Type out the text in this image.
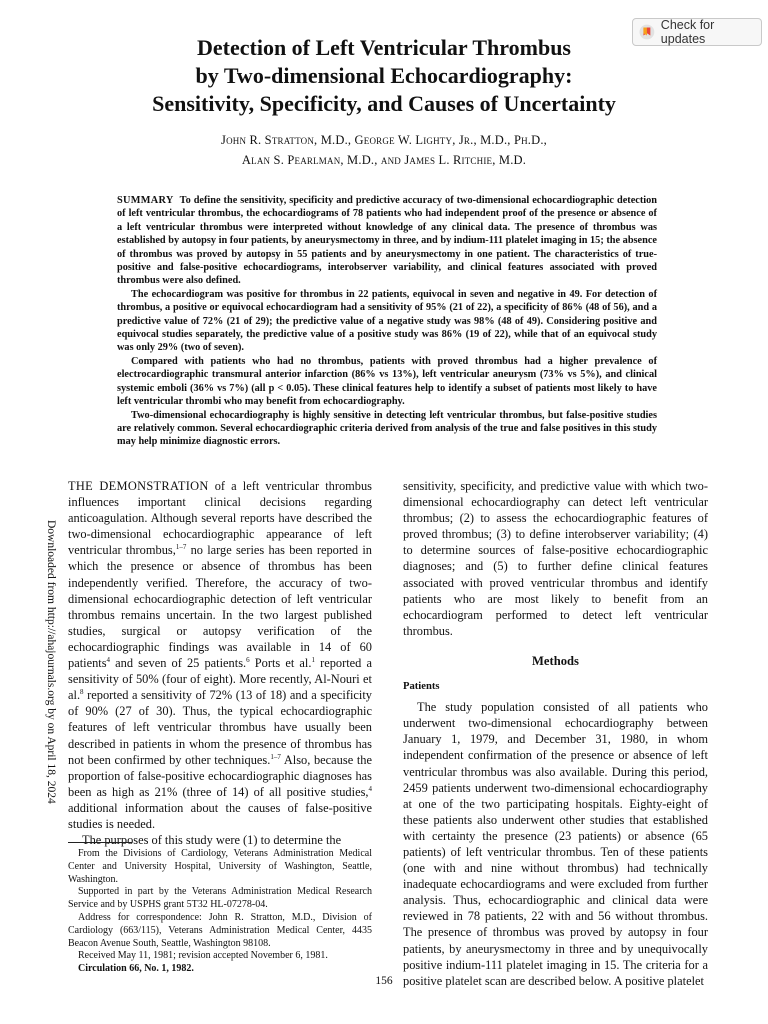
Check for updates
Detection of Left Ventricular Thrombus
by Two-dimensional Echocardiography:
Sensitivity, Specificity, and Causes of Uncertainty
John R. Stratton, M.D., George W. Lighty, Jr., M.D., Ph.D.,
Alan S. Pearlman, M.D., and James L. Ritchie, M.D.

SUMMARY To define the sensitivity, specificity and predictive accuracy of two-dimensional echocardiographic detection of left ventricular thrombus, the echocardiograms of 78 patients who had independent proof of the presence or absence of a left ventricular thrombus were interpreted without knowledge of any clinical data. The presence of thrombus was established by autopsy in four patients, by aneurysmectomy in three, and by indium-111 platelet imaging in 15; the absence of thrombus was proved by autopsy in 55 patients and by aneurysmectomy in one patient. The characteristics of true-positive and false-positive echocardiograms, interobserver variability, and clinical features associated with proved thrombus were also defined.

The echocardiogram was positive for thrombus in 22 patients, equivocal in seven and negative in 49. For detection of thrombus, a positive or equivocal echocardiogram had a sensitivity of 95% (21 of 22), a specificity of 86% (48 of 56), and a predictive value of 72% (21 of 29); the predictive value of a negative study was 98% (48 of 49). Considering positive and equivocal studies separately, the predictive value of a positive study was 86% (19 of 22), while that of an equivocal study was only 29% (two of seven).

Compared with patients who had no thrombus, patients with proved thrombus had a higher prevalence of electrocardiographic transmural anterior infarction (86% vs 13%), left ventricular aneurysm (73% vs 5%), and clinical systemic emboli (36% vs 7%) (all p < 0.05). These clinical features help to identify a subset of patients most likely to have left ventricular thrombi who may benefit from echocardiography.

Two-dimensional echocardiography is highly sensitive in detecting left ventricular thrombus, but false-positive studies are relatively common. Several echocardiographic criteria derived from analysis of the true and false positives in this study may help minimize diagnostic errors.

THE DEMONSTRATION of a left ventricular thrombus influences important clinical decisions regarding anticoagulation. Although several reports have described the two-dimensional echocardiographic appearance of left ventricular thrombus,$^{1-7}$ no large series has been reported in which the presence or absence of thrombus has been independently verified. Therefore, the accuracy of two-dimensional echocardiographic detection of left ventricular thrombus remains uncertain. In the two largest published studies, surgical or autopsy verification of the echocardiographic findings was available in 14 of 60 patients$^4$ and seven of 25 patients.$^6$ Ports et al.$^1$ reported a sensitivity of 50% (four of eight). More recently, Al-Nouri et al.$^8$ reported a sensitivity of 72% (13 of 18) and a specificity of 90% (27 of 30). Thus, the typical echocardiographic features of left ventricular thrombus have usually been described in patients in whom the presence of thrombus has not been confirmed by other techniques.$^{1-7}$ Also, because the proportion of false-positive echocardiographic diagnoses has been as high as 21% (three of 14) of all positive studies,$^4$ additional information about the causes of false-positive studies is needed.

The purposes of this study were (1) to determine the

From the Divisions of Cardiology, Veterans Administration Medical Center and University Hospital, University of Washington, Seattle, Washington.

Supported in part by the Veterans Administration Medical Research Service and by USPHS grant 5T32 HL-07278-04.

Address for correspondence: John R. Stratton, M.D., Division of Cardiology (663/115), Veterans Administration Medical Center, 4435 Beacon Avenue South, Seattle, Washington 98108.

Received May 11, 1981; revision accepted November 6, 1981.

Circulation 66, No. 1, 1982.

sensitivity, specificity, and predictive value with which two-dimensional echocardiography can detect left ventricular thrombus; (2) to assess the echocardiographic features of proved thrombus; (3) to define interobserver variability; (4) to determine sources of false-positive echocardiographic diagnoses; and (5) to further define clinical features associated with proved ventricular thrombus and identify patients who are most likely to benefit from an echocardiogram performed to detect left ventricular thrombus.

Methods

Patients

The study population consisted of all patients who underwent two-dimensional echocardiography between January 1, 1979, and December 31, 1980, in whom independent confirmation of the presence or absence of left ventricular thrombus was also available. During this period, 2459 patients underwent two-dimensional echocardiography at one of the two participating hospitals. Eighty-eight of these patients also underwent other studies that established with certainty the presence (23 patients) or absence (65 patients) of left ventricular thrombus. Ten of these patients (one with and nine without thrombus) had technically inadequate echocardiograms and were excluded from further analysis. Thus, echocardiographic and clinical data were reviewed in 78 patients, 22 with and 56 without thrombus. The presence of thrombus was proved by autopsy in four patients, by aneurysmectomy in three and by unequivocally positive indium-111 platelet imaging in 15. The criteria for a positive platelet scan are described below. A positive platelet

156
Downloaded from http://ahajournals.org by on April 18, 2024
